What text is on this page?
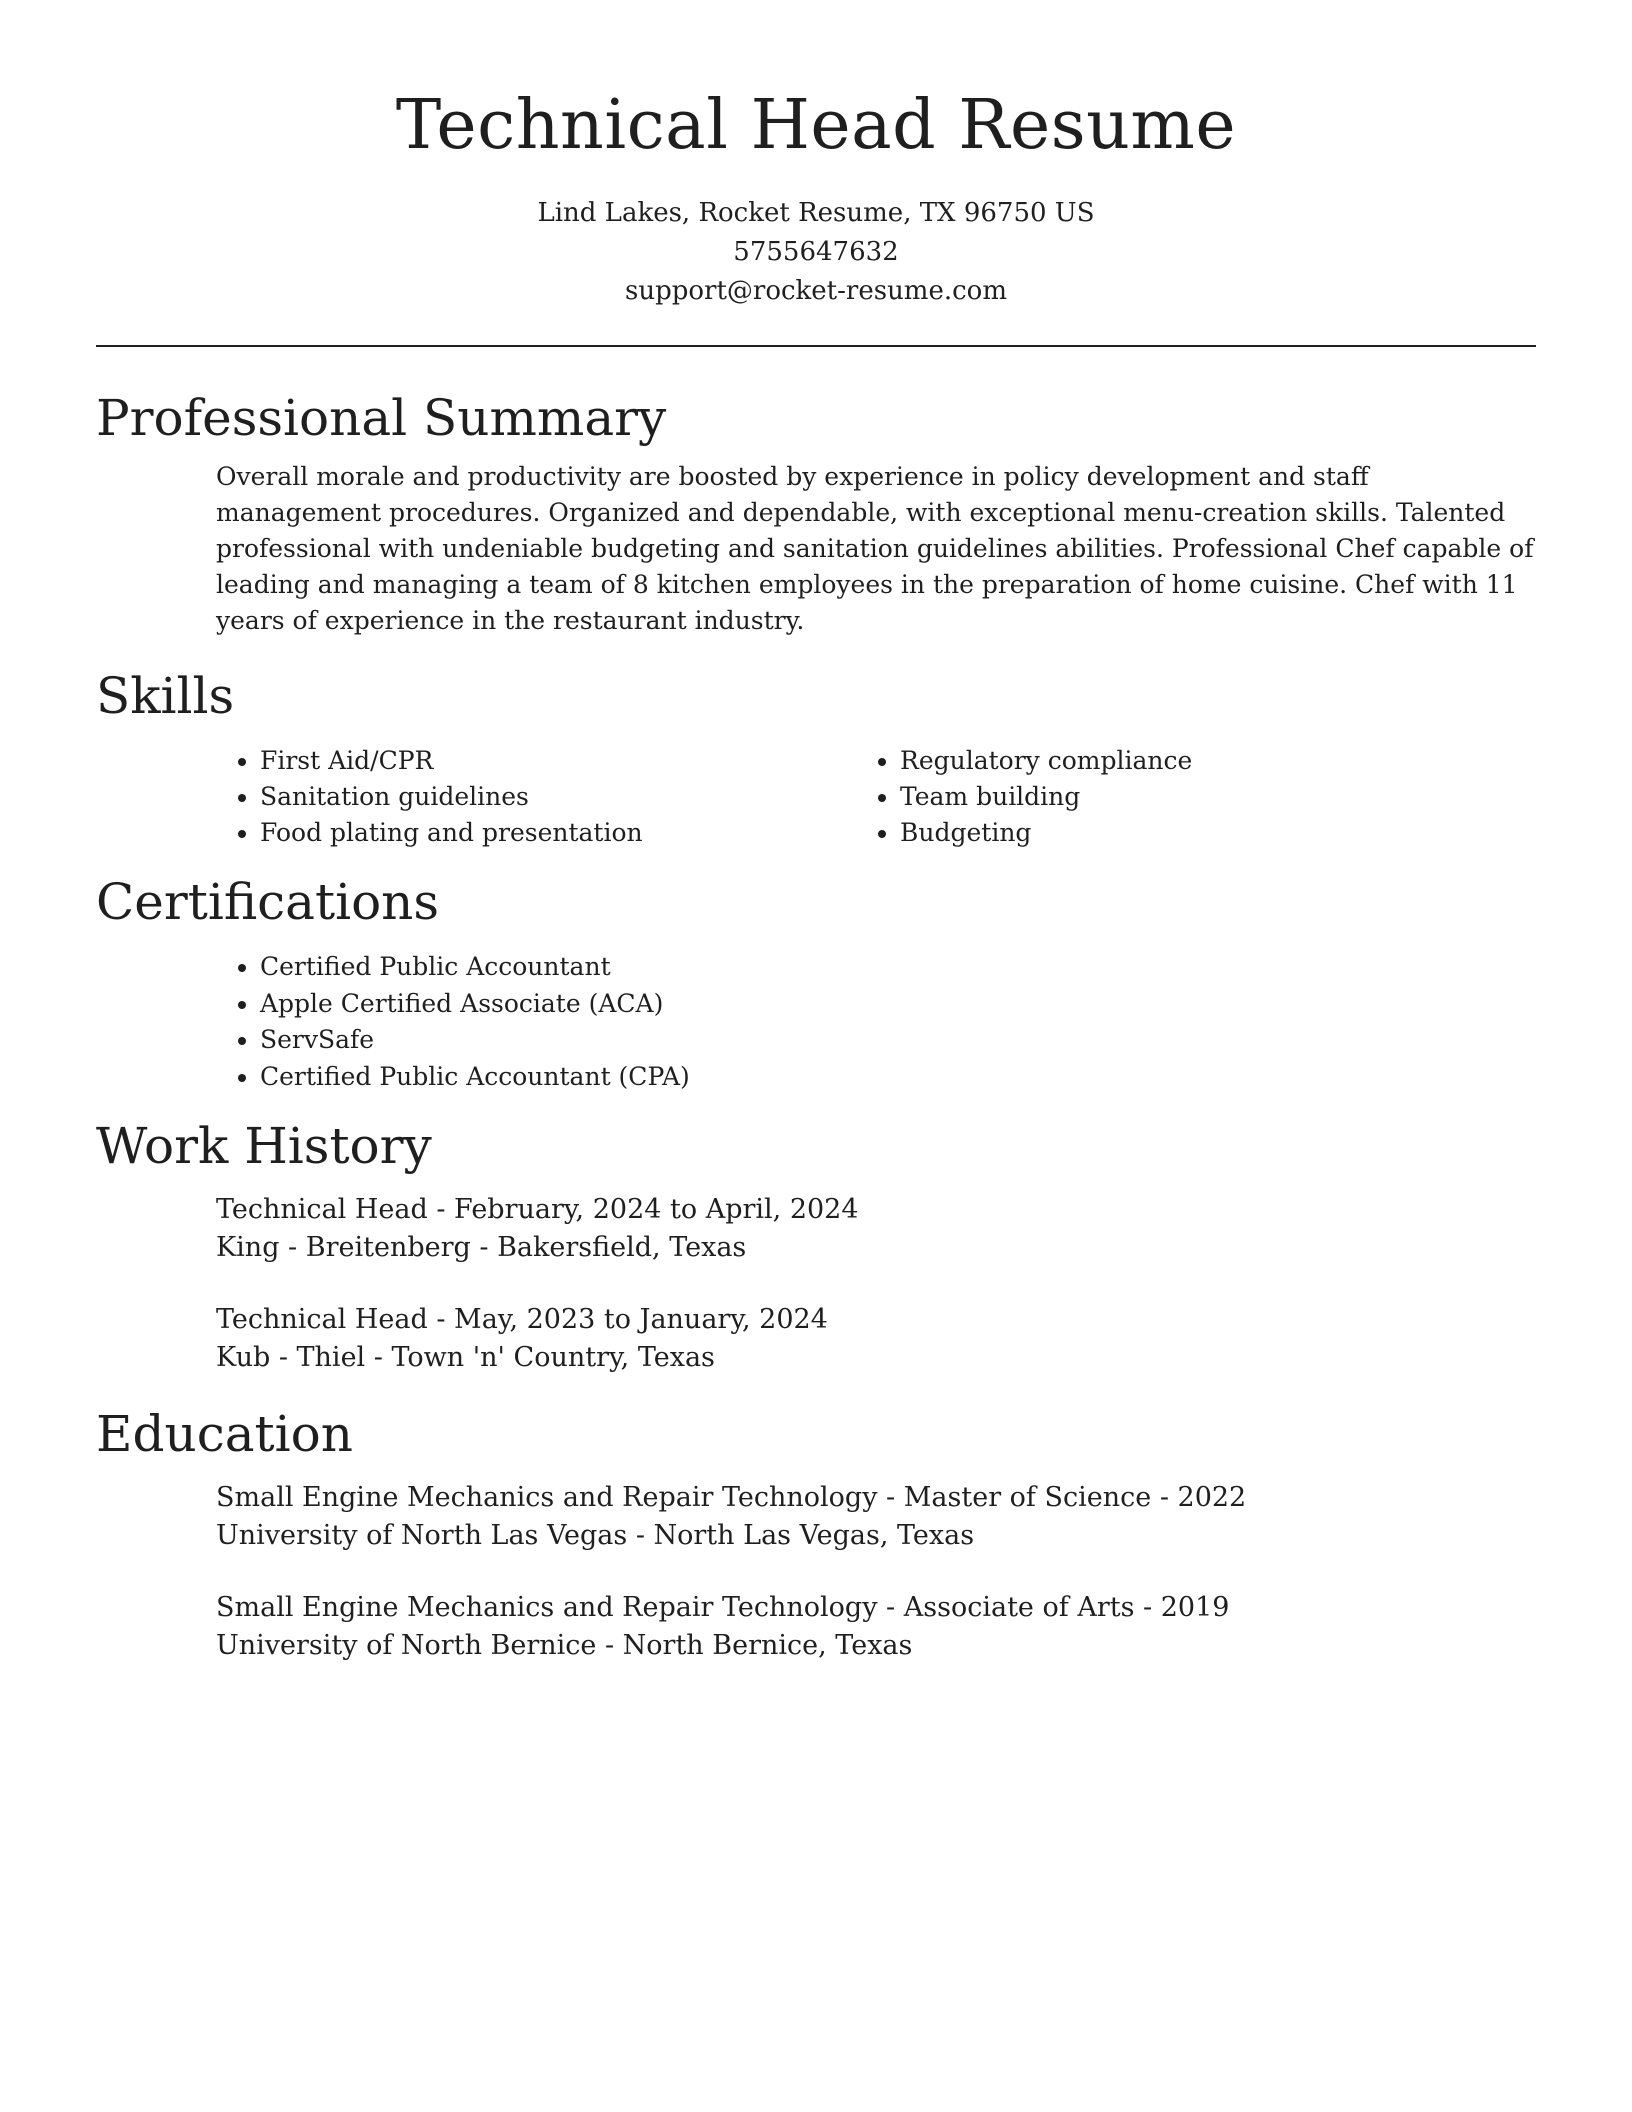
Technical Head Resume
Lind Lakes, Rocket Resume, TX 96750 US
5755647632
support@rocket-resume.com
Professional Summary

Overall morale and productivity are boosted by experience in policy development and staff management procedures. Organized and dependable, with exceptional menu-creation skills. Talented professional with undeniable budgeting and sanitation guidelines abilities. Professional Chef capable of leading and managing a team of 8 kitchen employees in the preparation of home cuisine. Chef with 11 years of experience in the restaurant industry.

Skills
• First Aid/CPR
• Sanitation guidelines
• Food plating and presentation
• Regulatory compliance
• Team building
• Budgeting
Certifications
• Certified Public Accountant
• Apple Certified Associate (ACA)
• ServSafe
• Certified Public Accountant (CPA)
Work History
Technical Head - February, 2024 to April, 2024
King - Breitenberg - Bakersfield, Texas
Technical Head - May, 2023 to January, 2024
Kub - Thiel - Town 'n' Country, Texas
Education
Small Engine Mechanics and Repair Technology - Master of Science - 2022
University of North Las Vegas - North Las Vegas, Texas
Small Engine Mechanics and Repair Technology - Associate of Arts - 2019
University of North Bernice - North Bernice, Texas
